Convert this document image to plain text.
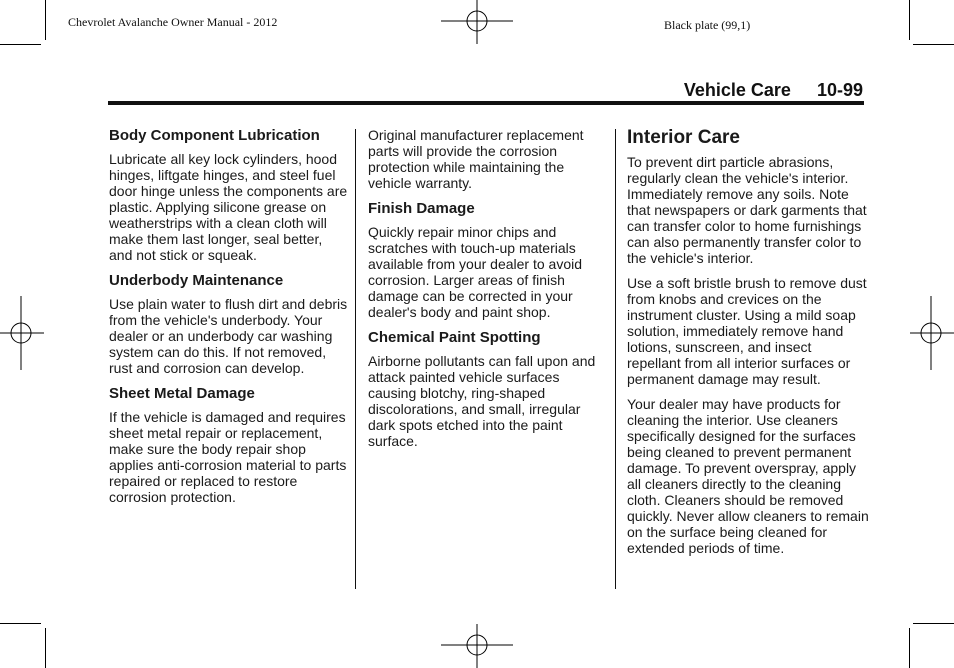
Chevrolet Avalanche Owner Manual - 2012	Black plate (99,1)
Vehicle Care 10-99
Body Component Lubrication

Lubricate all key lock cylinders, hood hinges, liftgate hinges, and steel fuel door hinge unless the components are plastic. Applying silicone grease on weatherstrips with a clean cloth will make them last longer, seal better, and not stick or squeak.

Underbody Maintenance

Use plain water to flush dirt and debris from the vehicle's underbody. Your dealer or an underbody car washing system can do this. If not removed, rust and corrosion can develop.

Sheet Metal Damage

If the vehicle is damaged and requires sheet metal repair or replacement, make sure the body repair shop applies anti-corrosion material to parts repaired or replaced to restore corrosion protection.

Original manufacturer replacement parts will provide the corrosion protection while maintaining the vehicle warranty.

Finish Damage

Quickly repair minor chips and scratches with touch-up materials available from your dealer to avoid corrosion. Larger areas of finish damage can be corrected in your dealer's body and paint shop.

Chemical Paint Spotting

Airborne pollutants can fall upon and attack painted vehicle surfaces causing blotchy, ring-shaped discolorations, and small, irregular dark spots etched into the paint surface.

Interior Care

To prevent dirt particle abrasions, regularly clean the vehicle's interior. Immediately remove any soils. Note that newspapers or dark garments that can transfer color to home furnishings can also permanently transfer color to the vehicle's interior.

Use a soft bristle brush to remove dust from knobs and crevices on the instrument cluster. Using a mild soap solution, immediately remove hand lotions, sunscreen, and insect repellant from all interior surfaces or permanent damage may result.

Your dealer may have products for cleaning the interior. Use cleaners specifically designed for the surfaces being cleaned to prevent permanent damage. To prevent overspray, apply all cleaners directly to the cleaning cloth. Cleaners should be removed quickly. Never allow cleaners to remain on the surface being cleaned for extended periods of time.
